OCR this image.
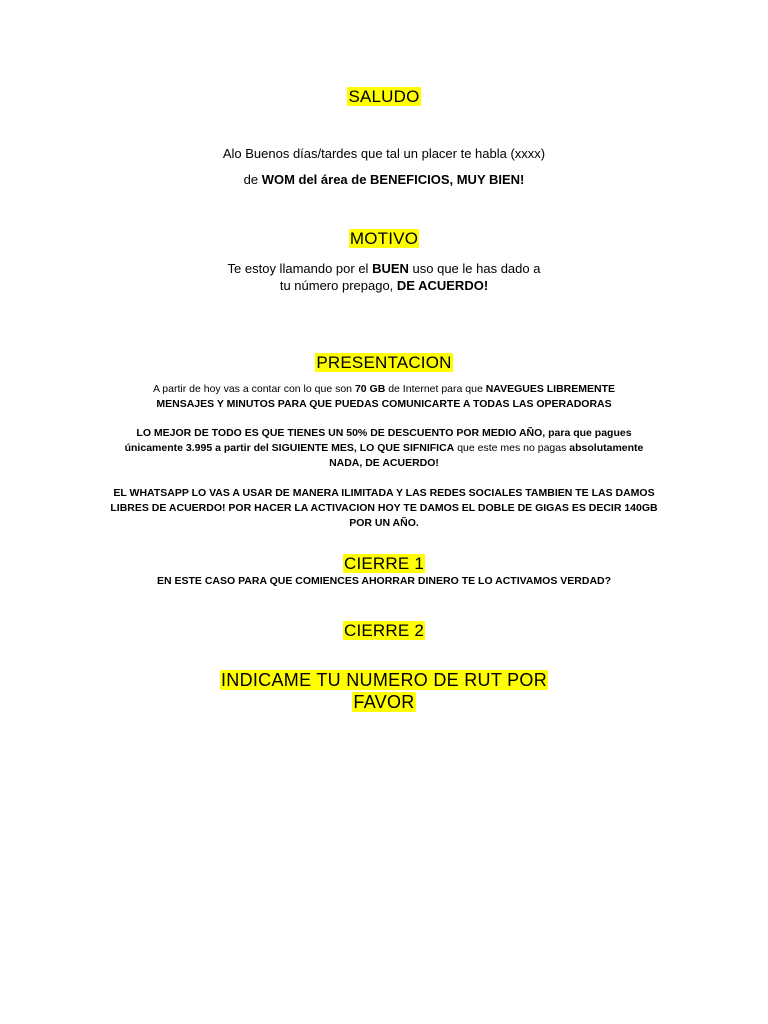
SALUDO
Alo Buenos días/tardes que tal un placer te habla (xxxx)
de WOM del área de BENEFICIOS, MUY BIEN!
MOTIVO
Te estoy llamando por el BUEN uso que le has dado a
tu número prepago, DE ACUERDO!
PRESENTACION
A partir de hoy vas a contar con lo que son 70 GB de Internet para que NAVEGUES LIBREMENTE
MENSAJES Y MINUTOS PARA QUE PUEDAS COMUNICARTE A TODAS LAS OPERADORAS
LO MEJOR DE TODO ES QUE TIENES UN 50% DE DESCUENTO POR MEDIO AÑO, para que pagues
únicamente 3.995 a partir del SIGUIENTE MES, LO QUE SIFNIFICA que este mes no pagas absolutamente
NADA, DE ACUERDO!
EL WHATSAPP LO VAS A USAR DE MANERA ILIMITADA Y LAS REDES SOCIALES TAMBIEN TE LAS DAMOS
LIBRES DE ACUERDO! POR HACER LA ACTIVACION HOY TE DAMOS EL DOBLE DE GIGAS ES DECIR 140GB
POR UN AÑO.
CIERRE 1
EN ESTE CASO PARA QUE COMIENCES AHORRAR DINERO TE LO ACTIVAMOS VERDAD?
CIERRE 2
INDICAME TU NUMERO DE RUT POR
FAVOR
